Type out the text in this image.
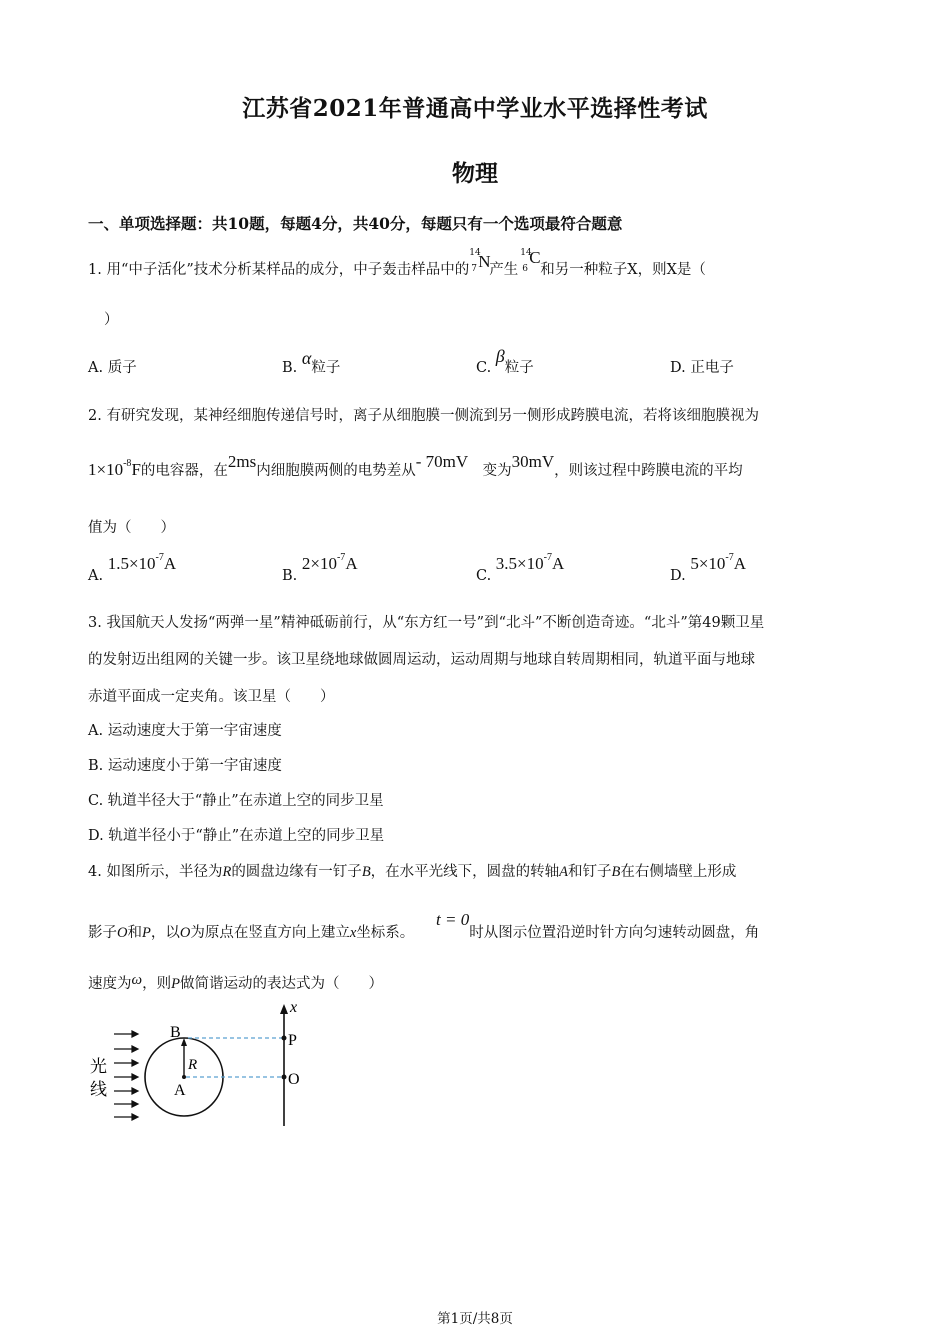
江苏省2021年普通高中学业水平选择性考试
物理
一、单项选择题：共10题，每题4分，共40分，每题只有一个选项最符合题意
1. 用“中子活化”技术分析某样品的成分，中子轰击样品中的
14
7 N
产生
14
6
C
和另一种粒子X，则X是（
）
A. 质子	B. α粒子	C. β粒子	D. 正电子
2. 有研究发现，某神经细胞传递信号时，离子从细胞膜一侧流到另一侧形成跨膜电流，若将该细胞膜视为
$1\times 10^{-8}F$的电容器，在2ms内细胞膜两侧的电势差从- 70mV　 变为30mV，则该过程中跨膜电流的平均
值为（　　）
A. $1.5\times 10^{-7}A$
B. $2\times 10^{-7}A$
C. $3.5\times 10^{-7}A$
D. $5\times 10^{-7}A$
3. 我国航天人发扬“两弹一星”精神砥砺前行，从“东方红一号”到“北斗”不断创造奇迹。“北斗”第49颗卫星
的发射迈出组网的关键一步。该卫星绕地球做圆周运动，运动周期与地球自转周期相同，轨道平面与地球
赤道平面成一定夹角。该卫星（　　）
A. 运动速度大于第一宇宙速度
B. 运动速度小于第一宇宙速度
C. 轨道半径大于“静止”在赤道上空的同步卫星
D. 轨道半径小于“静止”在赤道上空的同步卫星
4. 如图所示，半径为R的圆盘边缘有一钉子B，在水平光线下，圆盘的转轴A和钉子B在右侧墙壁上形成
影子O和P，以O为原点在竖直方向上建立x坐标系。　　t = 0时从图示位置沿逆时针方向匀速转动圆盘，角
速度为ω，则P做简谐运动的表达式为（　　）
光
线
B
R
A
x
P
O
第1页/共8页
